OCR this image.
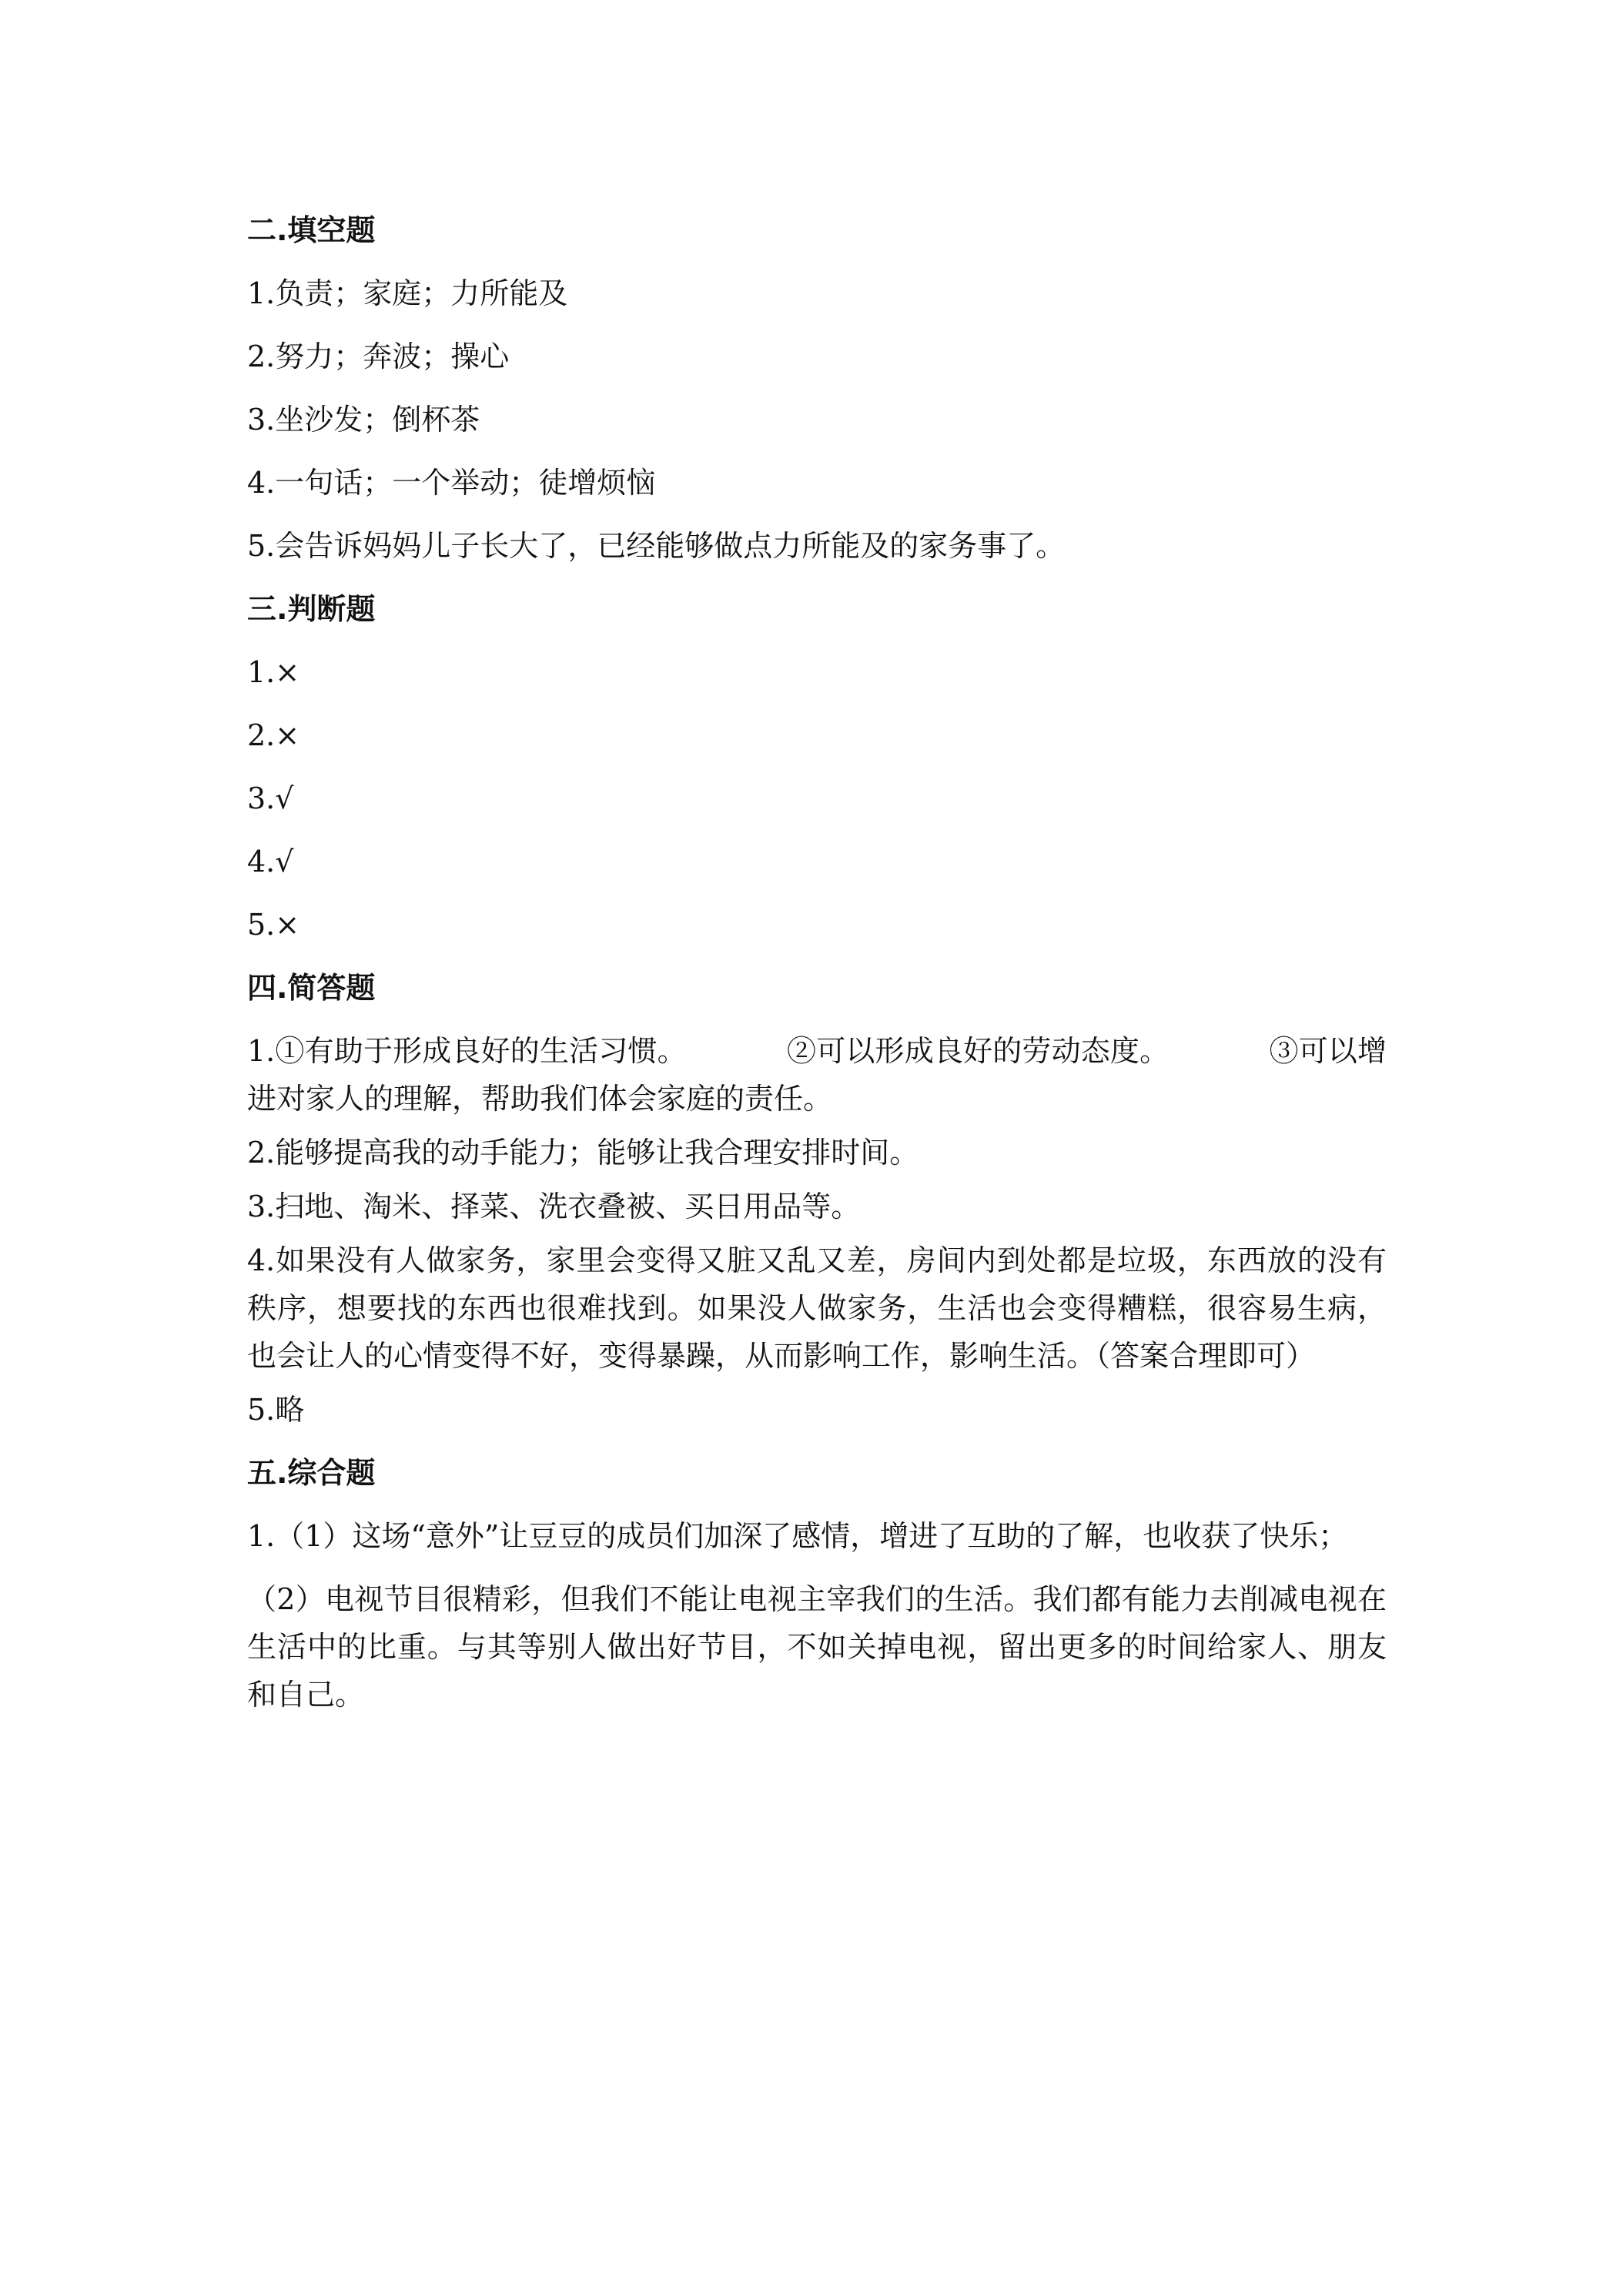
二.填空题
1.负责；家庭；力所能及
2.努力；奔波；操心
3.坐沙发；倒杯茶
4.一句话；一个举动；徒增烦恼
5.会告诉妈妈儿子长大了，已经能够做点力所能及的家务事了。
三.判断题
1.×
2.×
3.√
4.√
5.×
四.简答题
1.①有助于形成良好的生活习惯。	②可以形成良好的劳动态度。	③可以增进对家人的理解，帮助我们体会家庭的责任。
2.能够提高我的动手能力；能够让我合理安排时间。
3.扫地、淘米、择菜、洗衣叠被、买日用品等。
4.如果没有人做家务，家里会变得又脏又乱又差，房间内到处都是垃圾，东西放的没有秩序，想要找的东西也很难找到。如果没人做家务，生活也会变得糟糕，很容易生病，也会让人的心情变得不好，变得暴躁，从而影响工作，影响生活。（答案合理即可）
5.略
五.综合题
1.（1）这场“意外”让豆豆的成员们加深了感情，增进了互助的了解，也收获了快乐；
（2）电视节目很精彩，但我们不能让电视主宰我们的生活。我们都有能力去削减电视在生活中的比重。与其等别人做出好节目，不如关掉电视，留出更多的时间给家人、朋友和自己。
